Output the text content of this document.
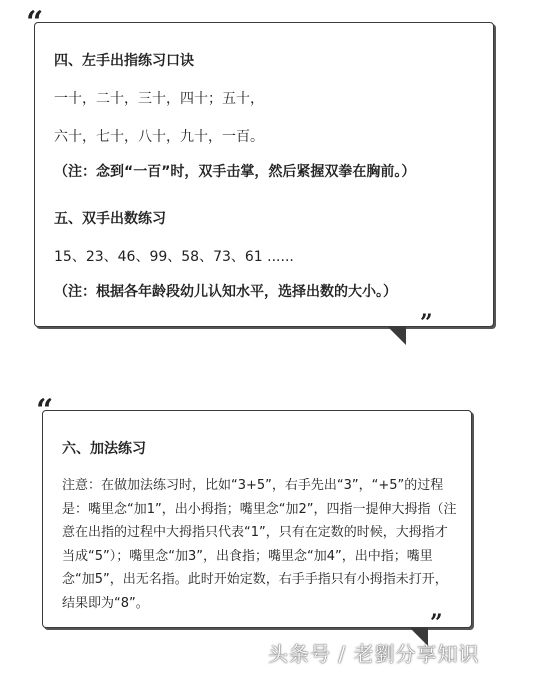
“
”

四、左手出指练习口诀

一十，二十，三十，四十；五十，

六十，七十，八十，九十，一百。

（注：念到“一百”时，双手击掌，然后紧握双拳在胸前。）

五、双手出数练习

15、23、46、99、58、73、61 ......

（注：根据各年龄段幼儿认知水平，选择出数的大小。）

“
”

六、加法练习

注意：在做加法练习时，比如“3+5”，右手先出“3”，“+5”的过程是：嘴里念“加1”，出小拇指；嘴里念“加2”，四指一提伸大拇指（注意在出指的过程中大拇指只代表“1”，只有在定数的时候，大拇指才当成“5”）；嘴里念“加3”，出食指；嘴里念“加4”，出中指；嘴里念“加5”，出无名指。此时开始定数，右手手指只有小拇指未打开，结果即为“8”。

头条号 / 老劉分享知识
